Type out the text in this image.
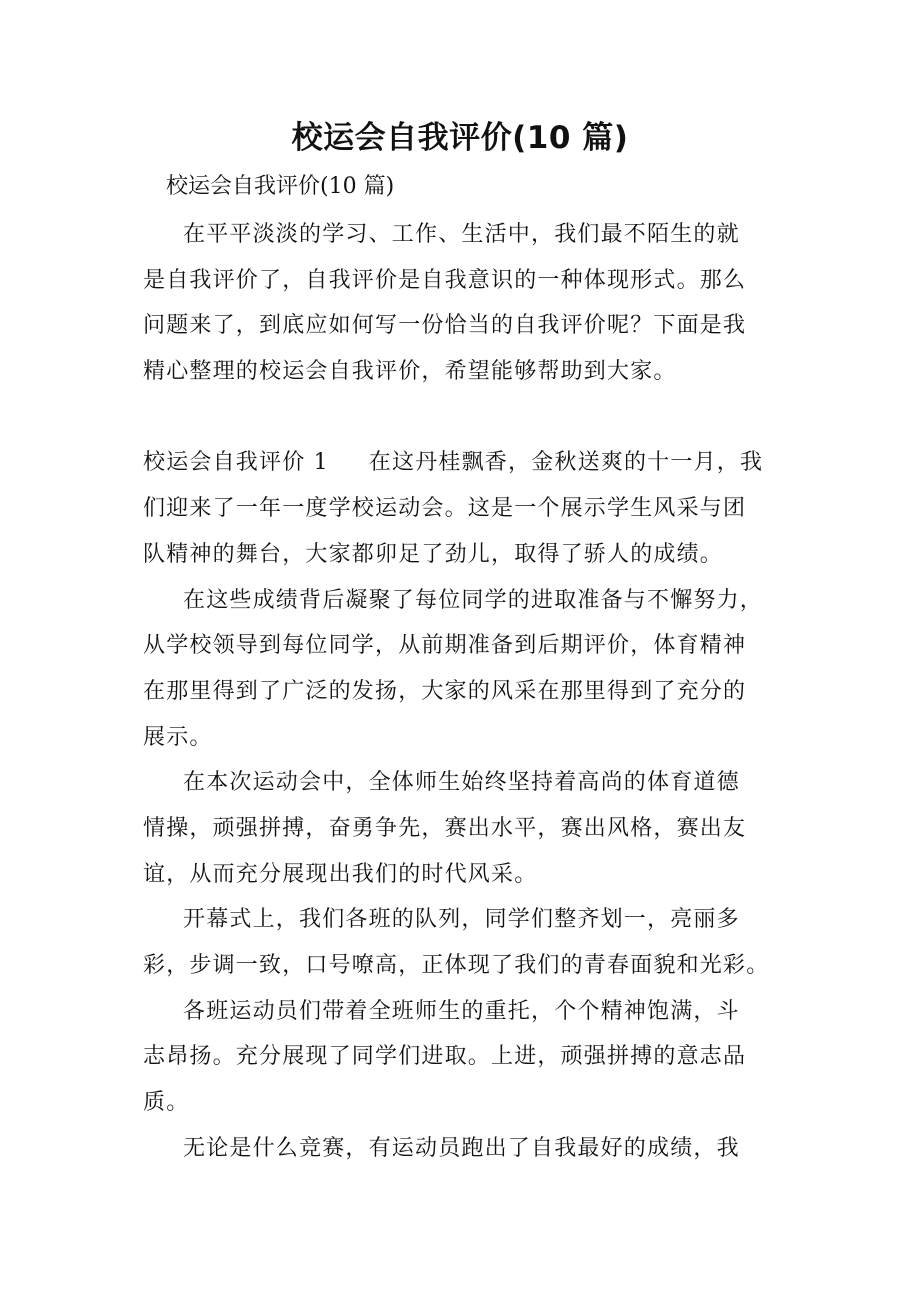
校运会自我评价(10 篇)
校运会自我评价(10 篇)
在平平淡淡的学习、工作、生活中，我们最不陌生的就
是自我评价了，自我评价是自我意识的一种体现形式。那么
问题来了，到底应如何写一份恰当的自我评价呢？下面是我
精心整理的校运会自我评价，希望能够帮助到大家。
校运会自我评价 1 在这丹桂飘香，金秋送爽的十一月，我
们迎来了一年一度学校运动会。这是一个展示学生风采与团
队精神的舞台，大家都卯足了劲儿，取得了骄人的成绩。
在这些成绩背后凝聚了每位同学的进取准备与不懈努力，
从学校领导到每位同学，从前期准备到后期评价，体育精神
在那里得到了广泛的发扬，大家的风采在那里得到了充分的
展示。
在本次运动会中，全体师生始终坚持着高尚的体育道德
情操，顽强拼搏，奋勇争先，赛出水平，赛出风格，赛出友
谊，从而充分展现出我们的时代风采。
开幕式上，我们各班的队列，同学们整齐划一，亮丽多
彩，步调一致，口号嘹高，正体现了我们的青春面貌和光彩。
各班运动员们带着全班师生的重托，个个精神饱满，斗
志昂扬。充分展现了同学们进取。上进，顽强拼搏的意志品
质。
无论是什么竞赛，有运动员跑出了自我最好的成绩，我
